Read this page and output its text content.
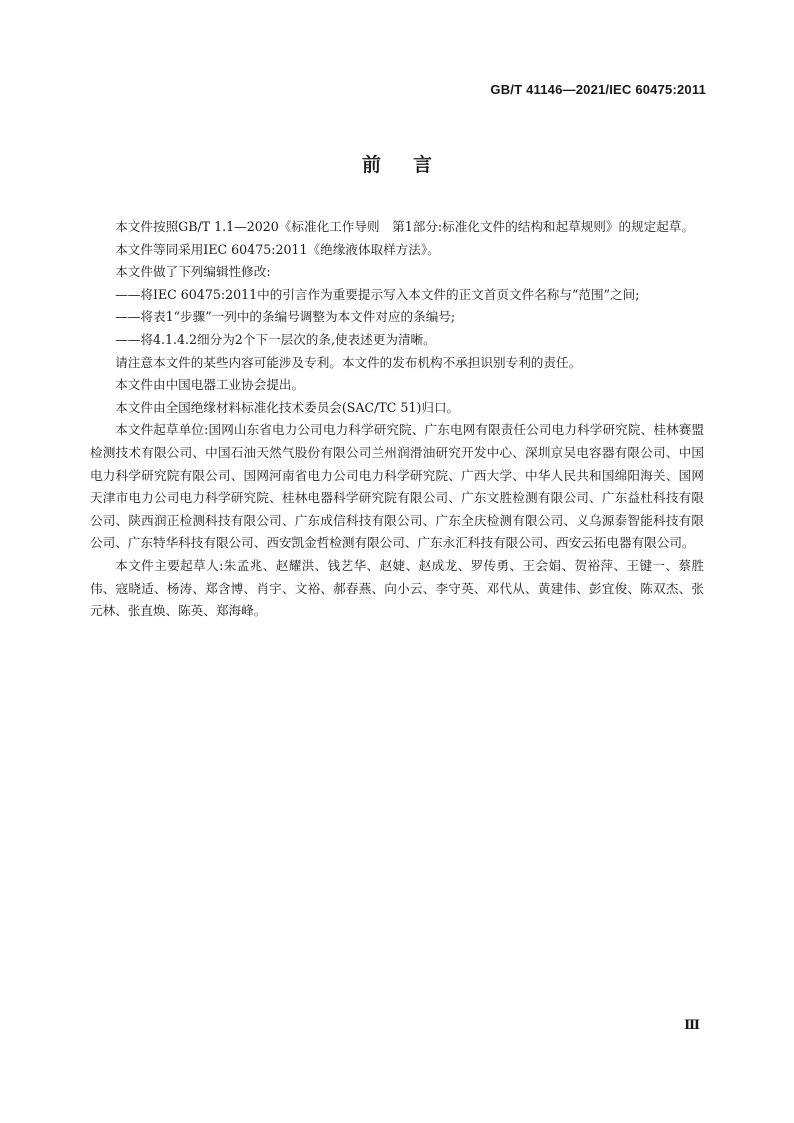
GB/T 41146—2021/IEC 60475:2011
前言

本文件按照GB/T 1.1—2020《标准化工作导则　第1部分:标准化文件的结构和起草规则》的规定起草。

本文件等同采用IEC 60475:2011《绝缘液体取样方法》。

本文件做了下列编辑性修改:

——将IEC 60475:2011中的引言作为重要提示写入本文件的正文首页文件名称与“范围”之间;

——将表1“步骤”一列中的条编号调整为本文件对应的条编号;

——将4.1.4.2细分为2个下一层次的条,使表述更为清晰。

请注意本文件的某些内容可能涉及专利。本文件的发布机构不承担识别专利的责任。

本文件由中国电器工业协会提出。

本文件由全国绝缘材料标准化技术委员会(SAC/TC 51)归口。

本文件起草单位:国网山东省电力公司电力科学研究院、广东电网有限责任公司电力科学研究院、桂林赛盟检测技术有限公司、中国石油天然气股份有限公司兰州润滑油研究开发中心、深圳京吴电容器有限公司、中国电力科学研究院有限公司、国网河南省电力公司电力科学研究院、广西大学、中华人民共和国绵阳海关、国网天津市电力公司电力科学研究院、桂林电器科学研究院有限公司、广东文胜检测有限公司、广东益杜科技有限公司、陕西润正检测科技有限公司、广东成信科技有限公司、广东全庆检测有限公司、义乌源泰智能科技有限公司、广东特华科技有限公司、西安凯金哲检测有限公司、广东永汇科技有限公司、西安云拓电器有限公司。

本文件主要起草人:朱孟兆、赵耀洪、钱艺华、赵婕、赵成龙、罗传勇、王会娟、贺裕萍、王键一、蔡胜伟、寇晓适、杨涛、郑含博、肖宇、文裕、郝春燕、向小云、李守英、邓代从、黄建伟、彭宜俊、陈双杰、张元林、张直焕、陈英、郑海峰。

Ⅲ
